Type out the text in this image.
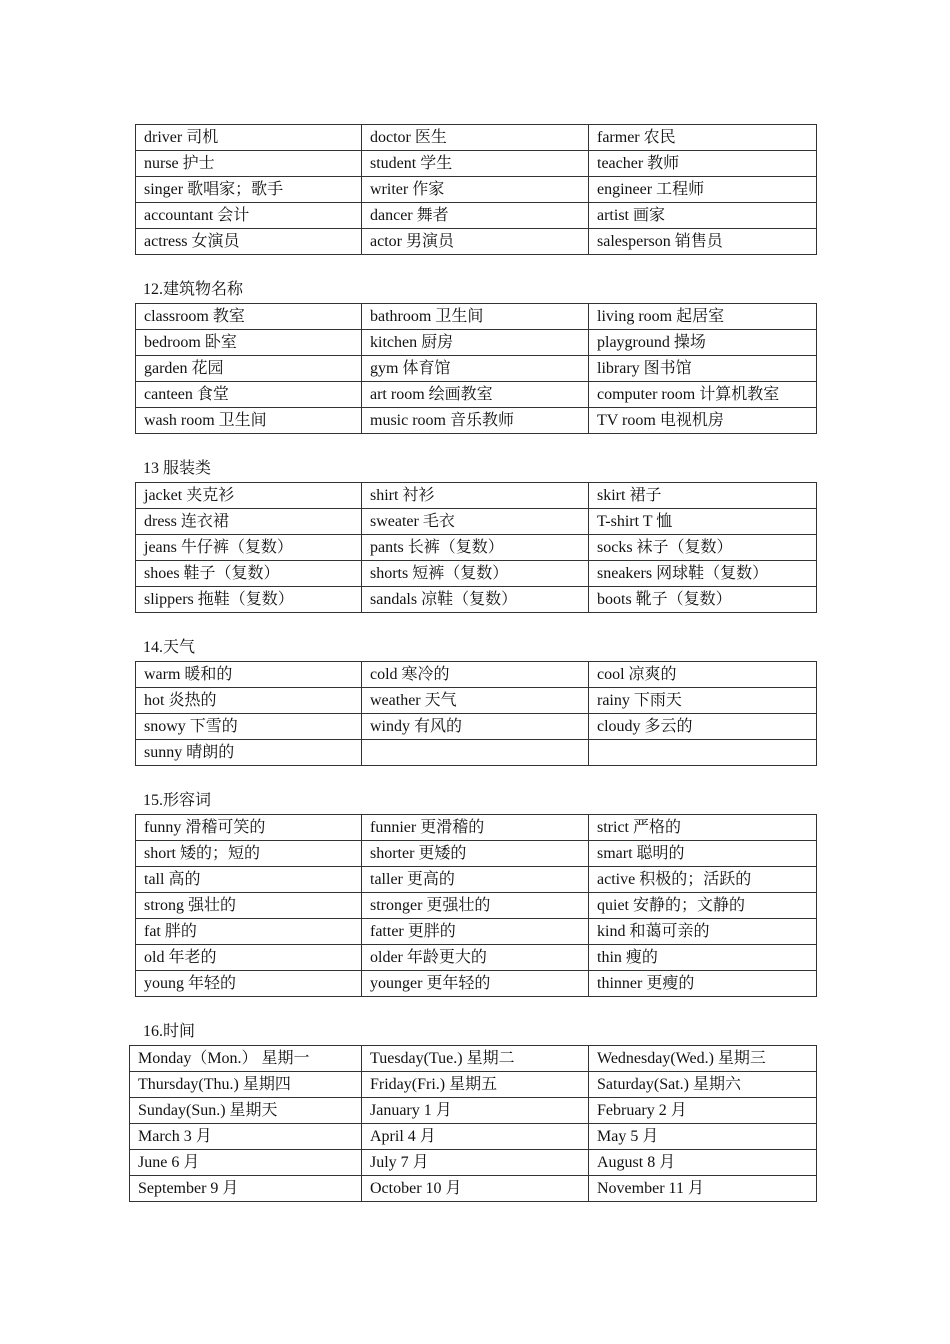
driver 司机	doctor 医生	farmer 农民
nurse 护士	student 学生	teacher 教师
singer 歌唱家；歌手	writer 作家	engineer 工程师
accountant 会计	dancer 舞者	artist 画家
actress 女演员	actor 男演员	salesperson 销售员
12.建筑物名称
classroom 教室	bathroom 卫生间	living room 起居室
bedroom 卧室	kitchen 厨房	playground 操场
garden 花园	gym 体育馆	library 图书馆
canteen 食堂	art room 绘画教室	computer room 计算机教室
wash room 卫生间	music room 音乐教师	TV room 电视机房
13 服装类
jacket 夹克衫	shirt 衬衫	skirt 裙子
dress 连衣裙	sweater 毛衣	T-shirt T 恤
jeans 牛仔裤（复数）	pants 长裤（复数）	socks 袜子（复数）
shoes 鞋子（复数）	shorts 短裤（复数）	sneakers 网球鞋（复数）
slippers 拖鞋（复数）	sandals 凉鞋（复数）	boots 靴子（复数）
14.天气
warm 暖和的	cold 寒冷的	cool 凉爽的
hot 炎热的	weather 天气	rainy 下雨天
snowy 下雪的	windy 有风的	cloudy 多云的
sunny 晴朗的		
15.形容词
funny 滑稽可笑的	funnier 更滑稽的	strict 严格的
short 矮的；短的	shorter 更矮的	smart 聪明的
tall 高的	taller 更高的	active 积极的；活跃的
strong 强壮的	stronger 更强壮的	quiet 安静的；文静的
fat 胖的	fatter 更胖的	kind 和蔼可亲的
old 年老的	older 年龄更大的	thin 瘦的
young 年轻的	younger 更年轻的	thinner 更瘦的
16.时间
Monday（Mon.） 星期一	Tuesday(Tue.) 星期二	Wednesday(Wed.) 星期三
Thursday(Thu.) 星期四	Friday(Fri.) 星期五	Saturday(Sat.) 星期六
Sunday(Sun.) 星期天	January 1 月	February 2 月
March 3 月	April 4 月	May 5 月
June 6 月	July 7 月	August 8 月
September 9 月	October 10 月	November 11 月
